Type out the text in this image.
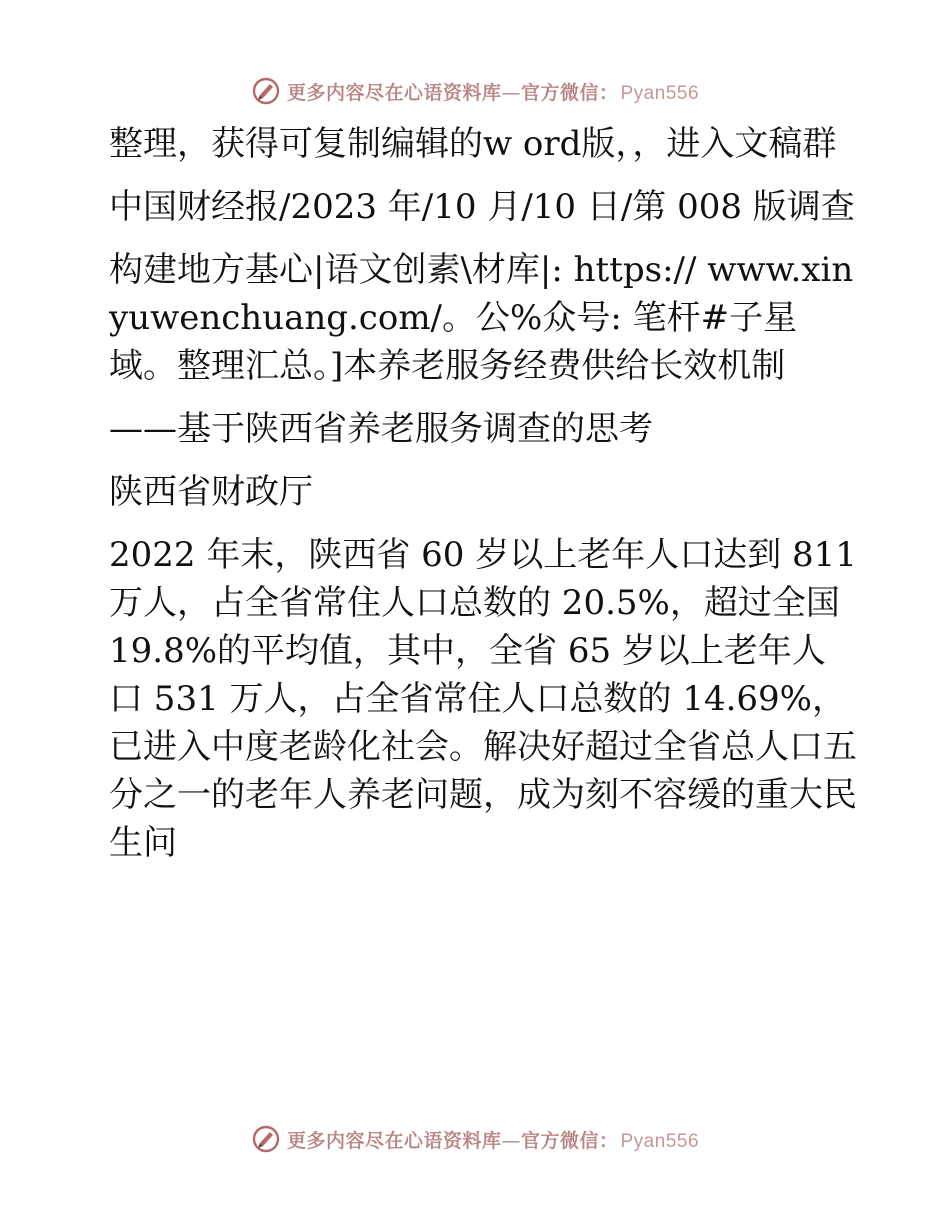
更多内容尽在心语资料库—官方微信： Pyan556

整理，获得可复制编辑的w ord版，，进入文稿群

中国财经报/2023 年/10 月/10 日/第 008 版调查

构建地方基心|语文创素\材库|: https:// www.xinyuwenchuang.com/。公%众号: 笔杆#子星域。整理汇总。]本养老服务经费供给长效机制

——基于陕西省养老服务调查的思考

陕西省财政厅

2022 年末，陕西省 60 岁以上老年人口达到 811 万人，占全省常住人口总数的 20.5%，超过全国 19.8%的平均值，其中，全省 65 岁以上老年人口 531 万人，占全省常住人口总数的 14.69%，已进入中度老龄化社会。解决好超过全省总人口五分之一的老年人养老问题，成为刻不容缓的重大民生问

更多内容尽在心语资料库—官方微信： Pyan556
